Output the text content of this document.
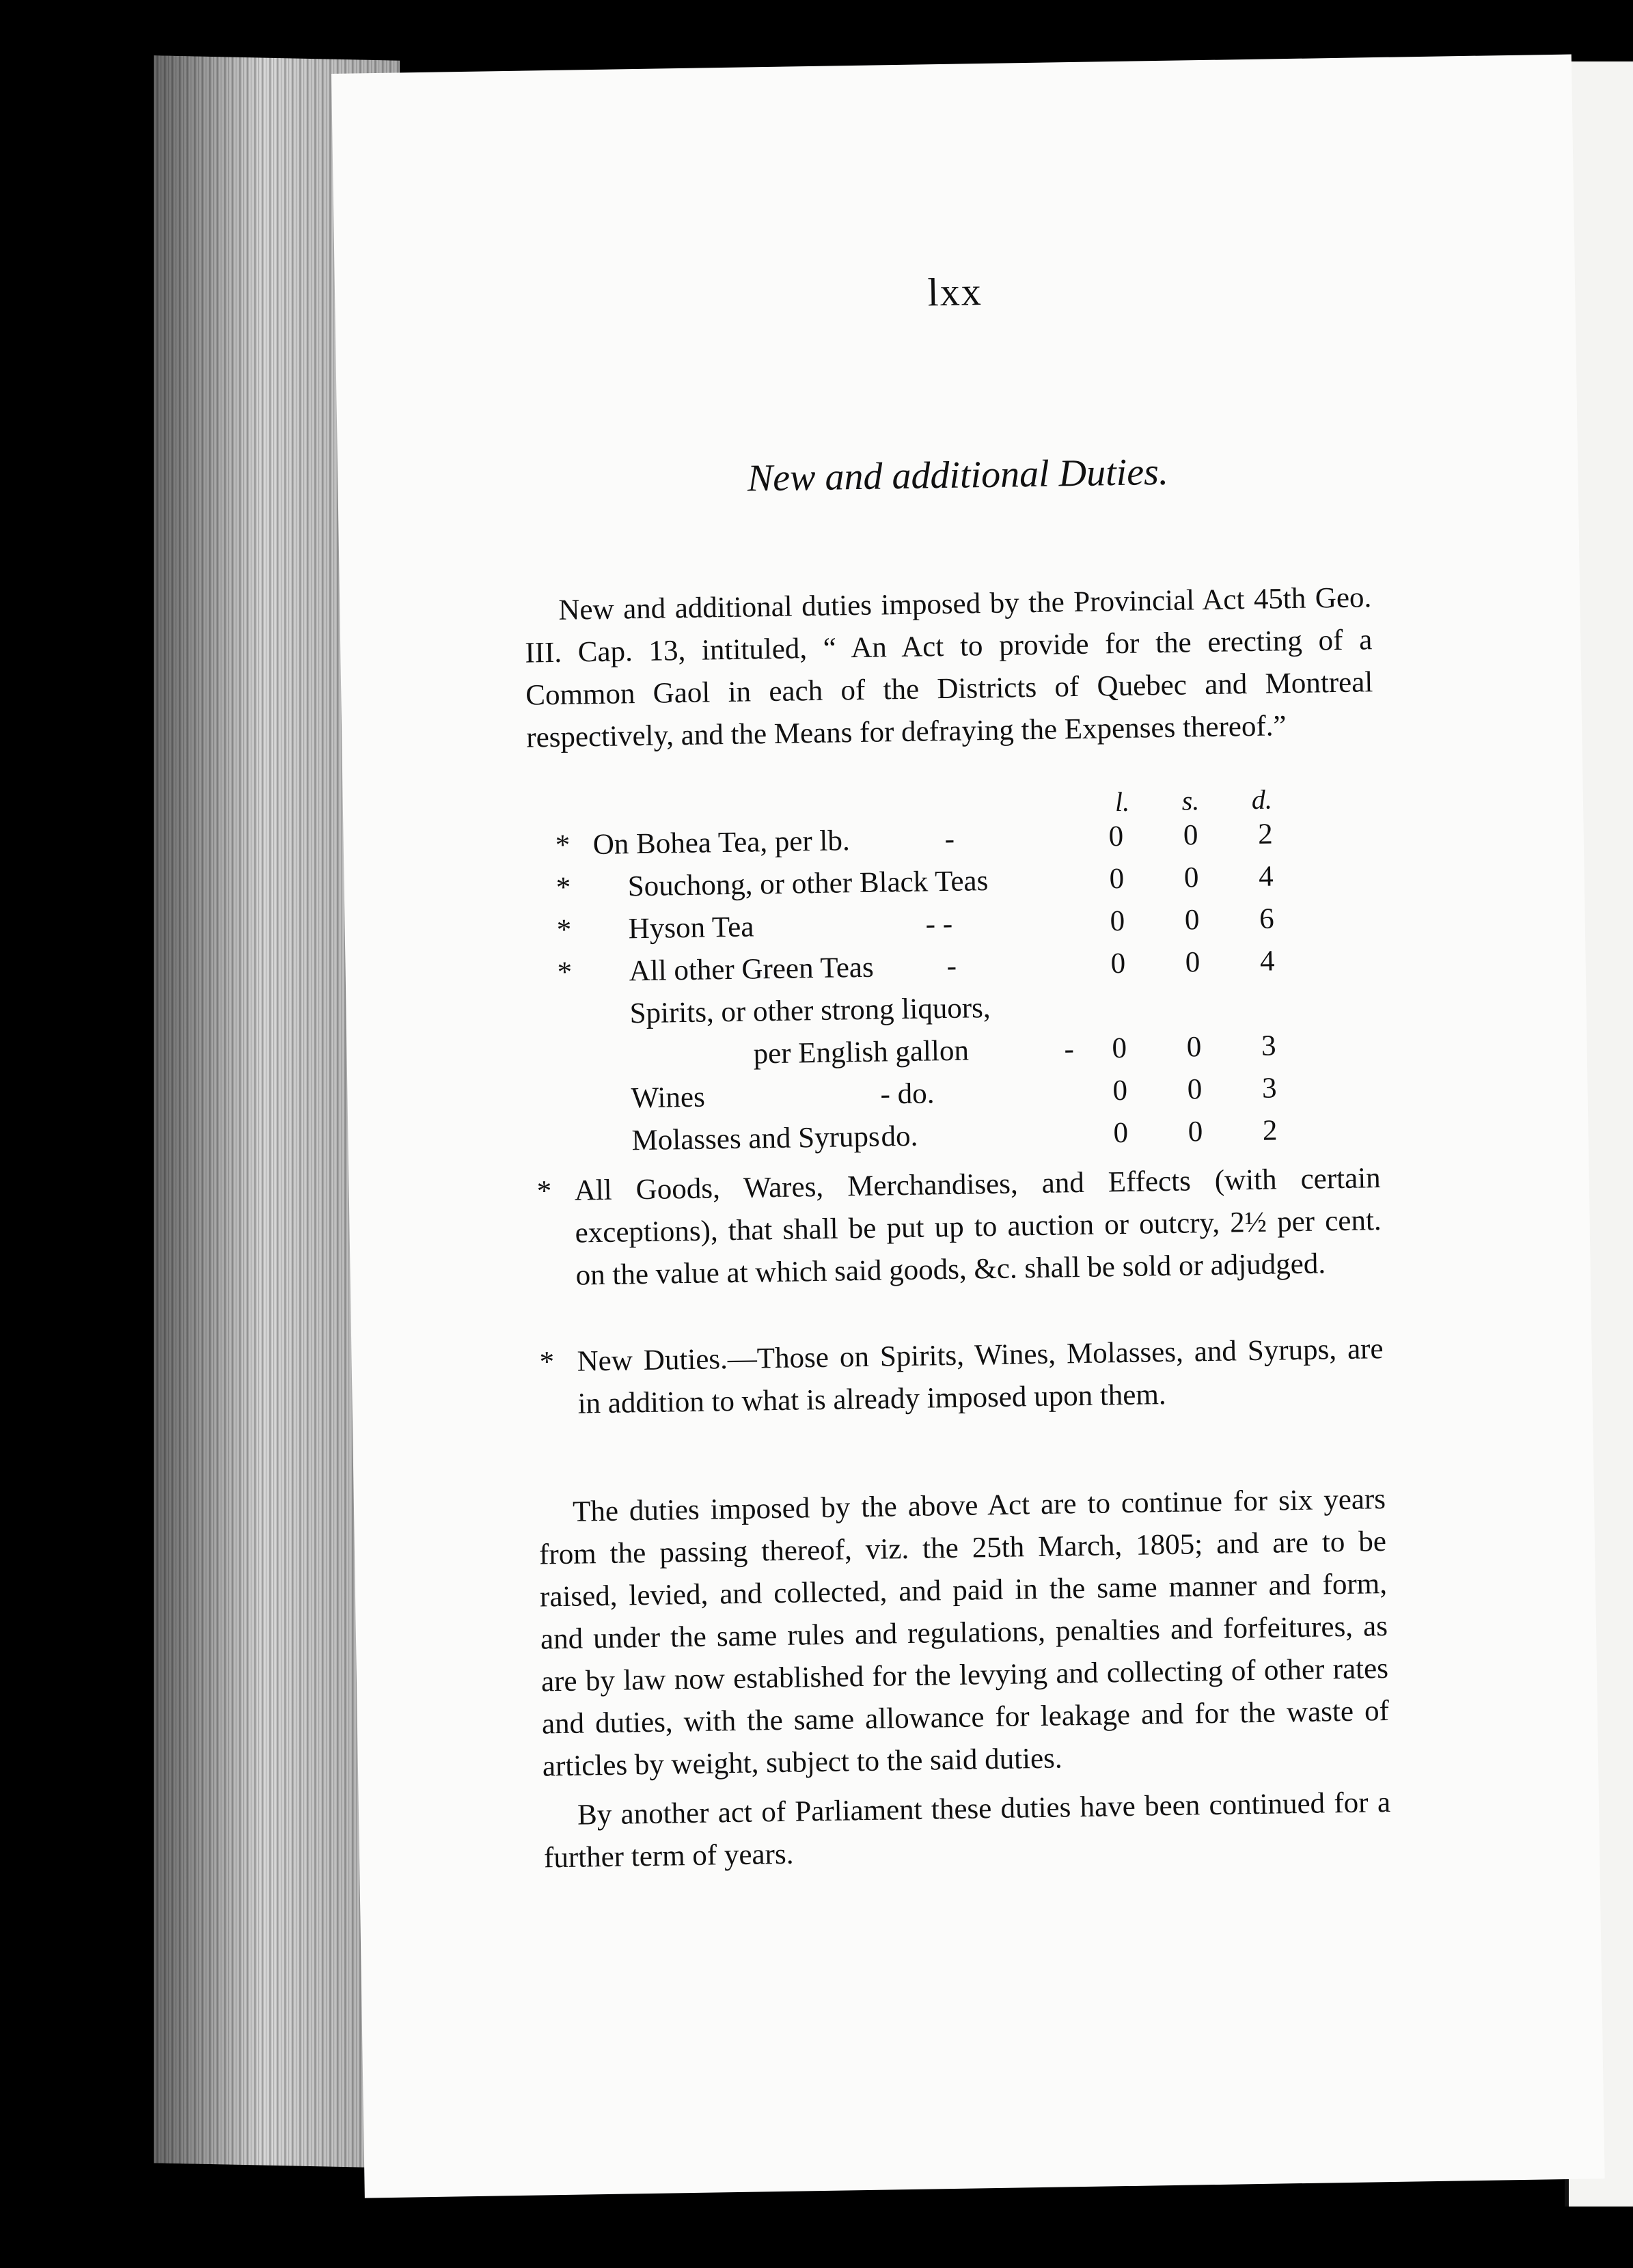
lxx
New and additional Duties.

New and additional duties imposed by the Provincial Act 45th Geo. III. Cap. 13, intituled, “ An Act to provide for the erecting of a Common Gaol in each of the Districts of Quebec and Montreal respectively, and the Means for defraying the Expenses thereof.”

l. s. d.
* On Bohea Tea, per lb.	-	0 0 2
* Souchong, or other Black Teas	0 0 4
* Hyson Tea	- -	0 0 6
* All other Green Teas -	0 0 4
Spirits, or other strong liquors,
per English gallon	- 0 0 3
Wines	- do.	0 0 3
Molasses and Syrups do.	0 0 2
* All Goods, Wares, Merchandises, and Effects (with certain exceptions), that shall be put up to auction or outcry, 2½ per cent. on the value at which said goods, &c. shall be sold or adjudged.
* New Duties.—Those on Spirits, Wines, Molasses, and Syrups, are in addition to what is already imposed upon them.

The duties imposed by the above Act are to continue for six years from the passing thereof, viz. the 25th March, 1805; and are to be raised, levied, and collected, and paid in the same manner and form, and under the same rules and regulations, penalties and forfeitures, as are by law now established for the levying and collecting of other rates and duties, with the same allowance for leakage and for the waste of articles by weight, subject to the said duties.

By another act of Parliament these duties have been continued for a further term of years.
